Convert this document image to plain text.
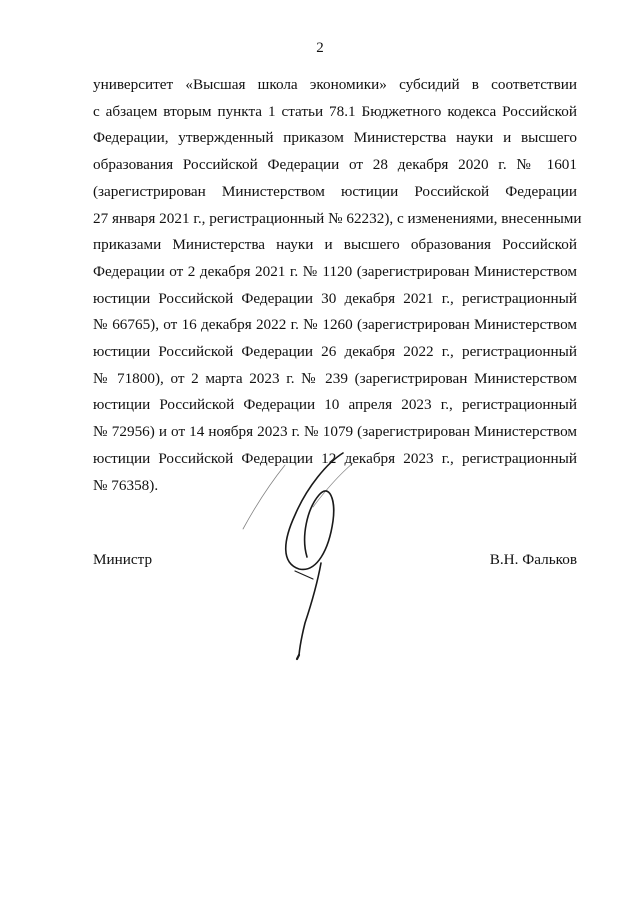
2
университет «Высшая школа экономики» субсидий в соответствии
с абзацем вторым пункта 1 статьи 78.1 Бюджетного кодекса Российской
Федерации, утвержденный приказом Министерства науки и высшего
образования Российской Федерации от 28 декабря 2020 г. № 1601
(зарегистрирован Министерством юстиции Российской Федерации
27 января 2021 г., регистрационный № 62232), с изменениями, внесенными
приказами Министерства науки и высшего образования Российской
Федерации от 2 декабря 2021 г. № 1120 (зарегистрирован Министерством
юстиции Российской Федерации 30 декабря 2021 г., регистрационный
№ 66765), от 16 декабря 2022 г. № 1260 (зарегистрирован Министерством
юстиции Российской Федерации 26 декабря 2022 г., регистрационный
№ 71800), от 2 марта 2023 г. № 239 (зарегистрирован Министерством
юстиции Российской Федерации 10 апреля 2023 г., регистрационный
№ 72956) и от 14 ноября 2023 г. № 1079 (зарегистрирован Министерством
юстиции Российской Федерации 12 декабря 2023 г., регистрационный
№ 76358).
Министр	В.Н. Фальков
